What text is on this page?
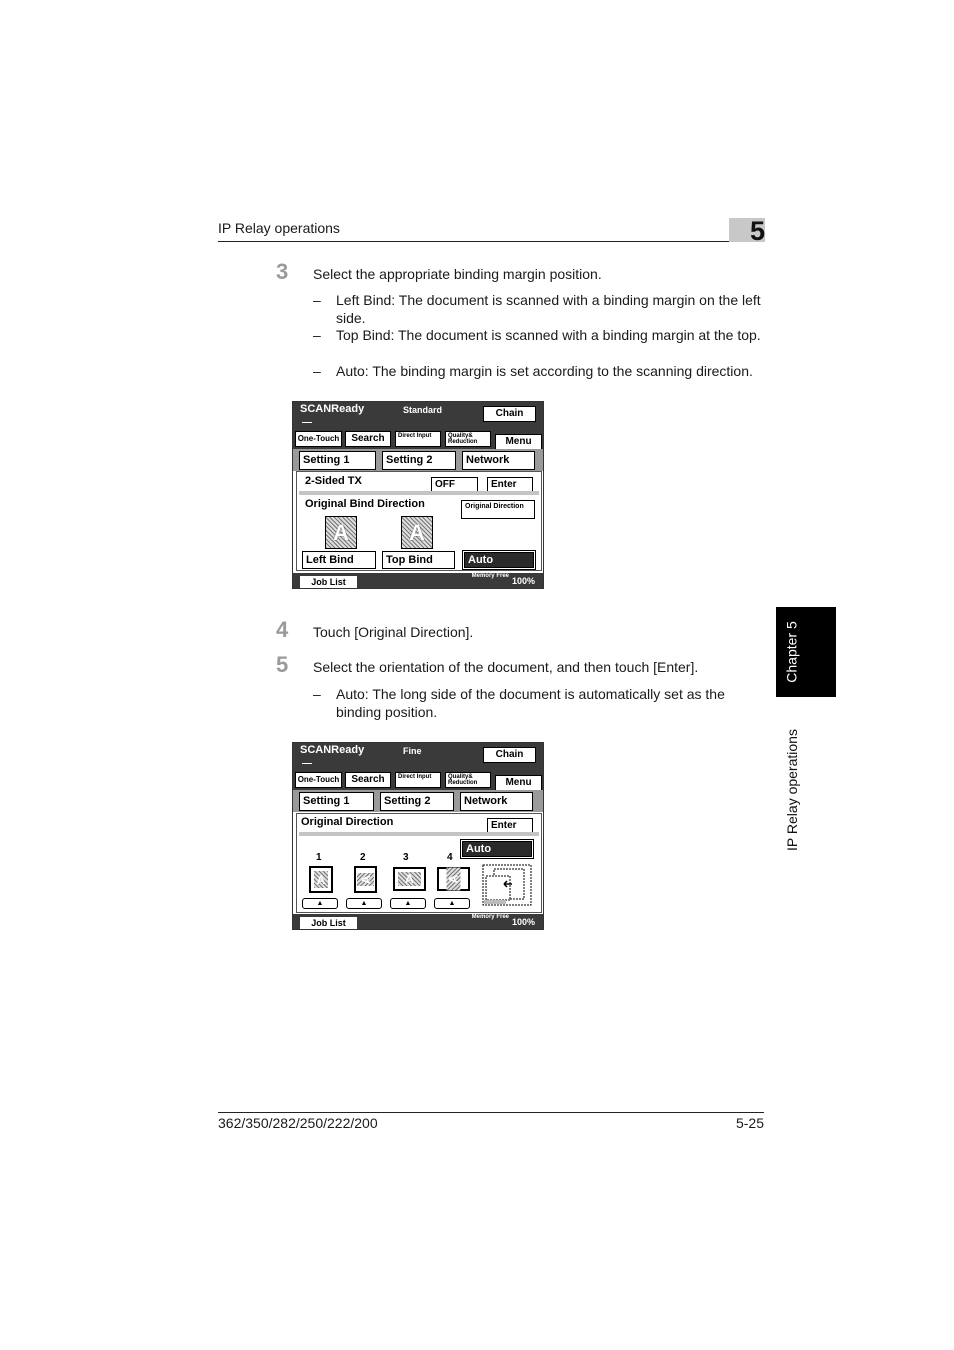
IP Relay operations	5
Chapter 5
IP Relay operations
3 Select the appropriate binding margin position.
– Left Bind: The document is scanned with a binding margin on the left side.
– Top Bind: The document is scanned with a binding margin at the top.
– Auto: The binding margin is set according to the scanning direction.
SCANReady	Standard	Chain
One-Touch	Search	Direct Input	Quality& Reduction	Menu
Setting 1	Setting 2	Network
2-Sided TX	OFF	Enter
Original Bind Direction	Original Direction
A	A
Left Bind	Top Bind	Auto
Job List
Memory Free 100%
4 Touch [Original Direction].
5 Select the orientation of the document, and then touch [Enter].
– Auto: The long side of the document is automatically set as the binding position.
SCANReady	Fine	Chain
One-Touch	Search	Direct Input	Quality& Reduction	Menu
Setting 1	Setting 2	Network
Original Direction	Enter
Auto
1	2	3	4
A	A	A	A
▲	▲	▲	▲
Job List
Memory Free 100%
362/350/282/250/222/200	5-25
